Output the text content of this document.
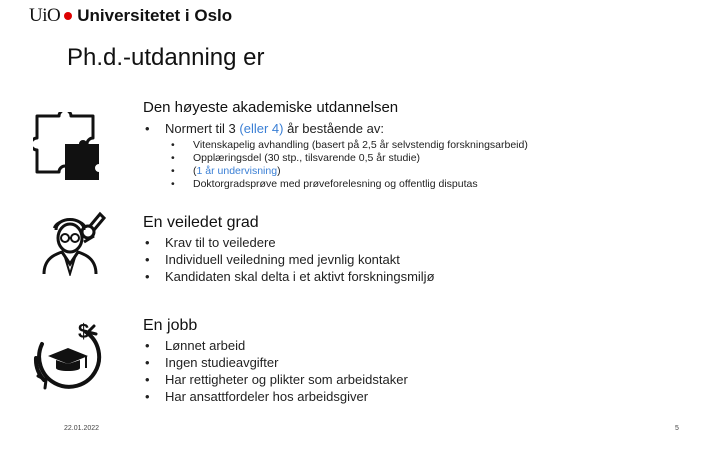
UiO Universitetet i Oslo
Ph.d.-utdanning er
$
Den høyeste akademiske utdannelsen
• Normert til 3 (eller 4) år bestående av:
• Vitenskapelig avhandling (basert på 2,5 år selvstendig forskningsarbeid)
• Opplæringsdel (30 stp., tilsvarende 0,5 år studie)
• (1 år undervisning)
• Doktorgradsprøve med prøveforelesning og offentlig disputas
En veiledet grad
• Krav til to veiledere
• Individuell veiledning med jevnlig kontakt
• Kandidaten skal delta i et aktivt forskningsmiljø
En jobb
• Lønnet arbeid
• Ingen studieavgifter
• Har rettigheter og plikter som arbeidstaker
• Har ansattfordeler hos arbeidsgiver
22.01.2022	5
